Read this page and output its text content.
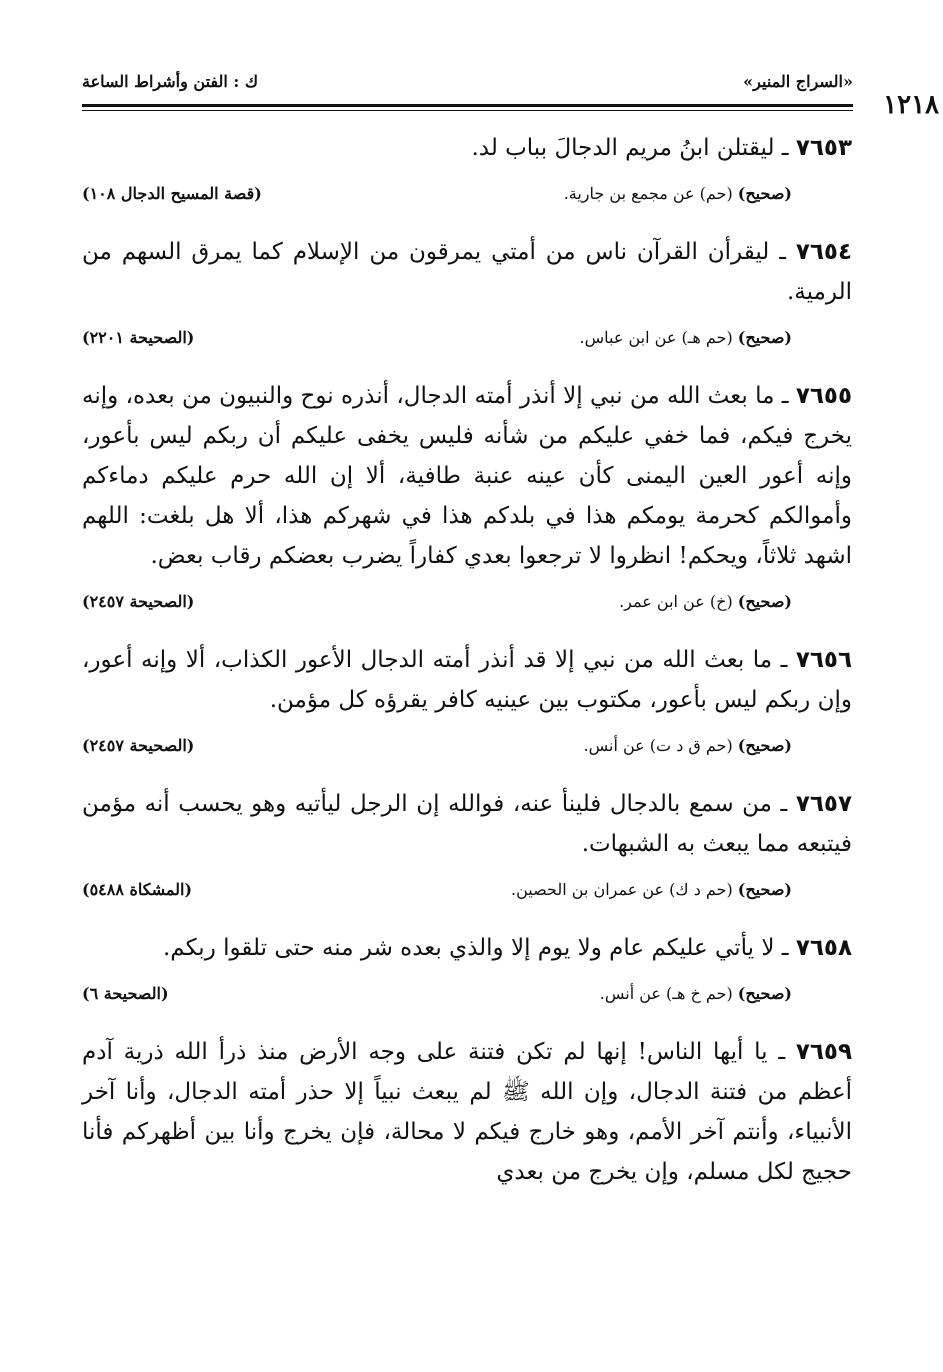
١٢١٨
«السراج المنير»
ك : الفتن وأشراط الساعة

٧٦٥٣ ـ ليقتلن ابنُ مريم الدجالَ بباب لد.

(صحيح) (حم) عن مجمع بن جارية.
(قصة المسيح الدجال ١٠٨)

٧٦٥٤ ـ ليقرأن القرآن ناس من أمتي يمرقون من الإسلام كما يمرق السهم من الرمية.

(صحيح) (حم هـ) عن ابن عباس.
(الصحيحة ٢٢٠١)

٧٦٥٥ ـ ما بعث الله من نبي إلا أنذر أمته الدجال، أنذره نوح والنبيون من بعده، وإنه يخرج فيكم، فما خفي عليكم من شأنه فليس يخفى عليكم أن ربكم ليس بأعور، وإنه أعور العين اليمنى كأن عينه عنبة طافية، ألا إن الله حرم عليكم دماءكم وأموالكم كحرمة يومكم هذا في بلدكم هذا في شهركم هذا، ألا هل بلغت: اللهم اشهد ثلاثاً، ويحكم! انظروا لا ترجعوا بعدي كفاراً يضرب بعضكم رقاب بعض.

(صحيح) (خ) عن ابن عمر.
(الصحيحة ٢٤٥٧)

٧٦٥٦ ـ ما بعث الله من نبي إلا قد أنذر أمته الدجال الأعور الكذاب، ألا وإنه أعور، وإن ربكم ليس بأعور، مكتوب بين عينيه كافر يقرؤه كل مؤمن.

(صحيح) (حم ق د ت) عن أنس.
(الصحيحة ٢٤٥٧)

٧٦٥٧ ـ من سمع بالدجال فلينأ عنه، فوالله إن الرجل ليأتيه وهو يحسب أنه مؤمن فيتبعه مما يبعث به الشبهات.

(صحيح) (حم د ك) عن عمران بن الحصين.
(المشكاة ٥٤٨٨)

٧٦٥٨ ـ لا يأتي عليكم عام ولا يوم إلا والذي بعده شر منه حتى تلقوا ربكم.

(صحيح) (حم خ هـ) عن أنس.
(الصحيحة ٦)

٧٦٥٩ ـ يا أيها الناس! إنها لم تكن فتنة على وجه الأرض منذ ذرأ الله ذرية آدم أعظم من فتنة الدجال، وإن الله ﷺ لم يبعث نبياً إلا حذر أمته الدجال، وأنا آخر الأنبياء، وأنتم آخر الأمم، وهو خارج فيكم لا محالة، فإن يخرج وأنا بين أظهركم فأنا حجيج لكل مسلم، وإن يخرج من بعدي
